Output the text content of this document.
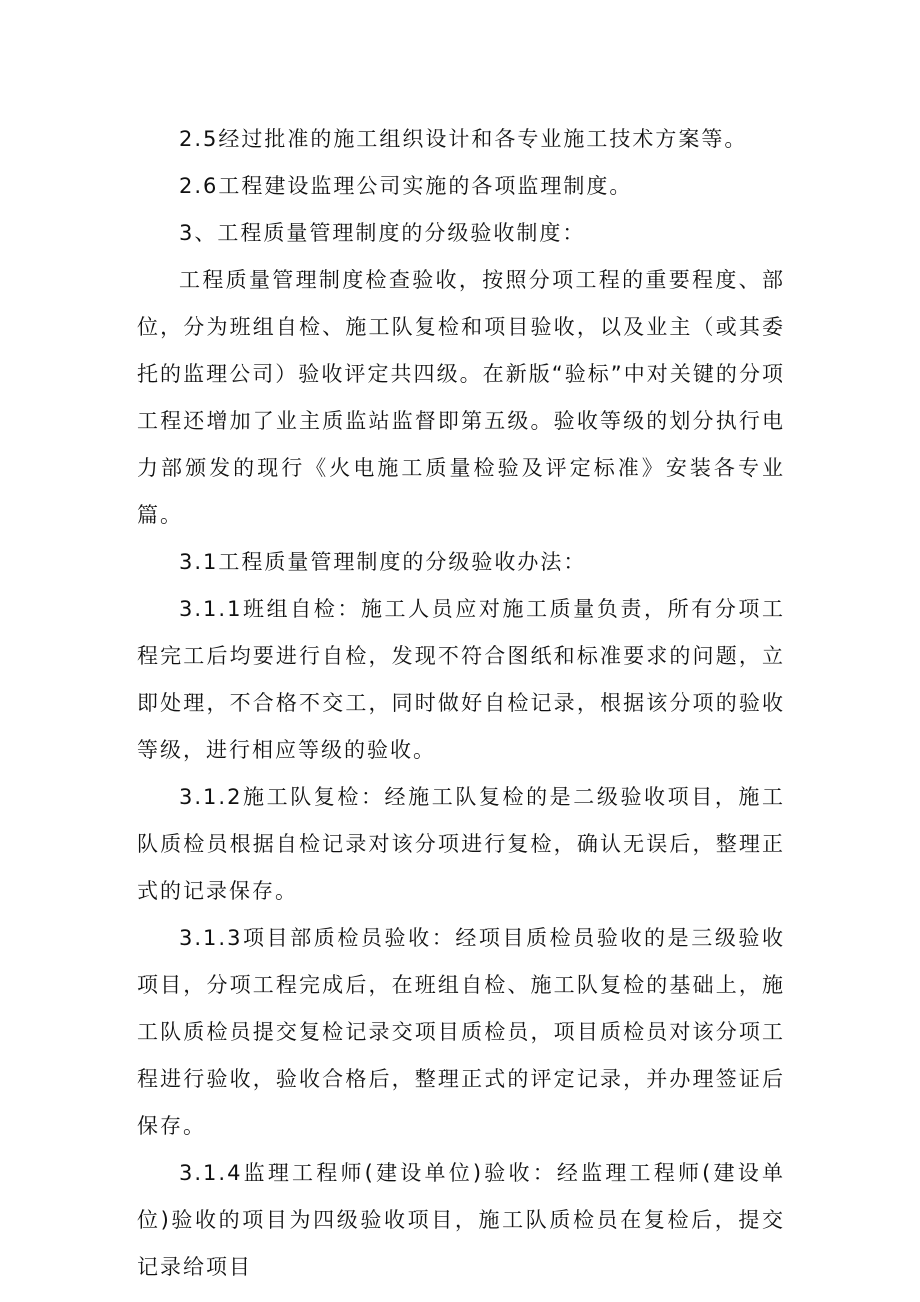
2.5经过批准的施工组织设计和各专业施工技术方案等。

2.6工程建设监理公司实施的各项监理制度。

3、工程质量管理制度的分级验收制度：

工程质量管理制度检查验收，按照分项工程的重要程度、部位，分为班组自检、施工队复检和项目验收，以及业主（或其委托的监理公司）验收评定共四级。在新版“验标”中对关键的分项工程还增加了业主质监站监督即第五级。验收等级的划分执行电力部颁发的现行《火电施工质量检验及评定标准》安装各专业篇。

3.1工程质量管理制度的分级验收办法：

3.1.1班组自检：施工人员应对施工质量负责，所有分项工程完工后均要进行自检，发现不符合图纸和标准要求的问题，立即处理，不合格不交工，同时做好自检记录，根据该分项的验收等级，进行相应等级的验收。

3.1.2施工队复检：经施工队复检的是二级验收项目，施工队质检员根据自检记录对该分项进行复检，确认无误后，整理正式的记录保存。

3.1.3项目部质检员验收：经项目质检员验收的是三级验收项目，分项工程完成后，在班组自检、施工队复检的基础上，施工队质检员提交复检记录交项目质检员，项目质检员对该分项工程进行验收，验收合格后，整理正式的评定记录，并办理签证后保存。

3.1.4监理工程师(建设单位)验收：经监理工程师(建设单位)验收的项目为四级验收项目，施工队质检员在复检后，提交记录给项目
